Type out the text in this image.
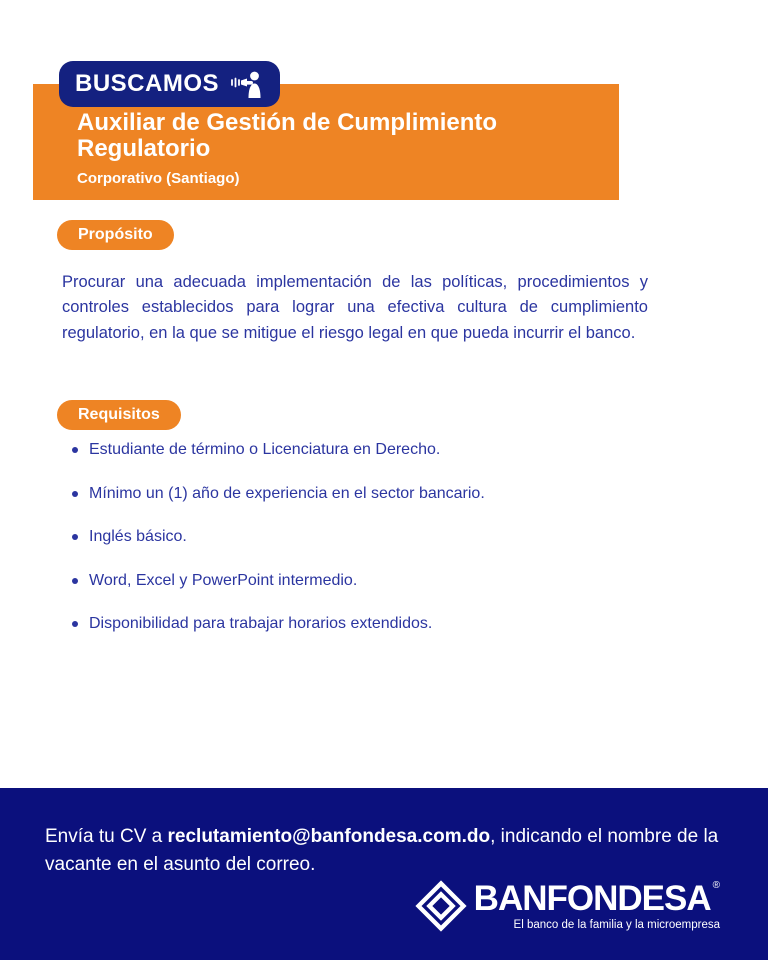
Auxiliar de Gestión de Cumplimiento Regulatorio
Corporativo (Santiago)
BUSCAMOS
Propósito

Procurar una adecuada implementación de las políticas, procedimientos y controles establecidos para lograr una efectiva cultura de cumplimiento regulatorio, en la que se mitigue el riesgo legal en que pueda incurrir el banco.

Requisitos
Estudiante de término o Licenciatura en Derecho.
Mínimo un (1) año de experiencia en el sector bancario.
Inglés básico.
Word, Excel y PowerPoint intermedio.
Disponibilidad para trabajar horarios extendidos.

Envía tu CV a reclutamiento@banfondesa.com.do, indicando el nombre de la vacante en el asunto del correo.

BANFONDESA ®
El banco de la familia y la microempresa
